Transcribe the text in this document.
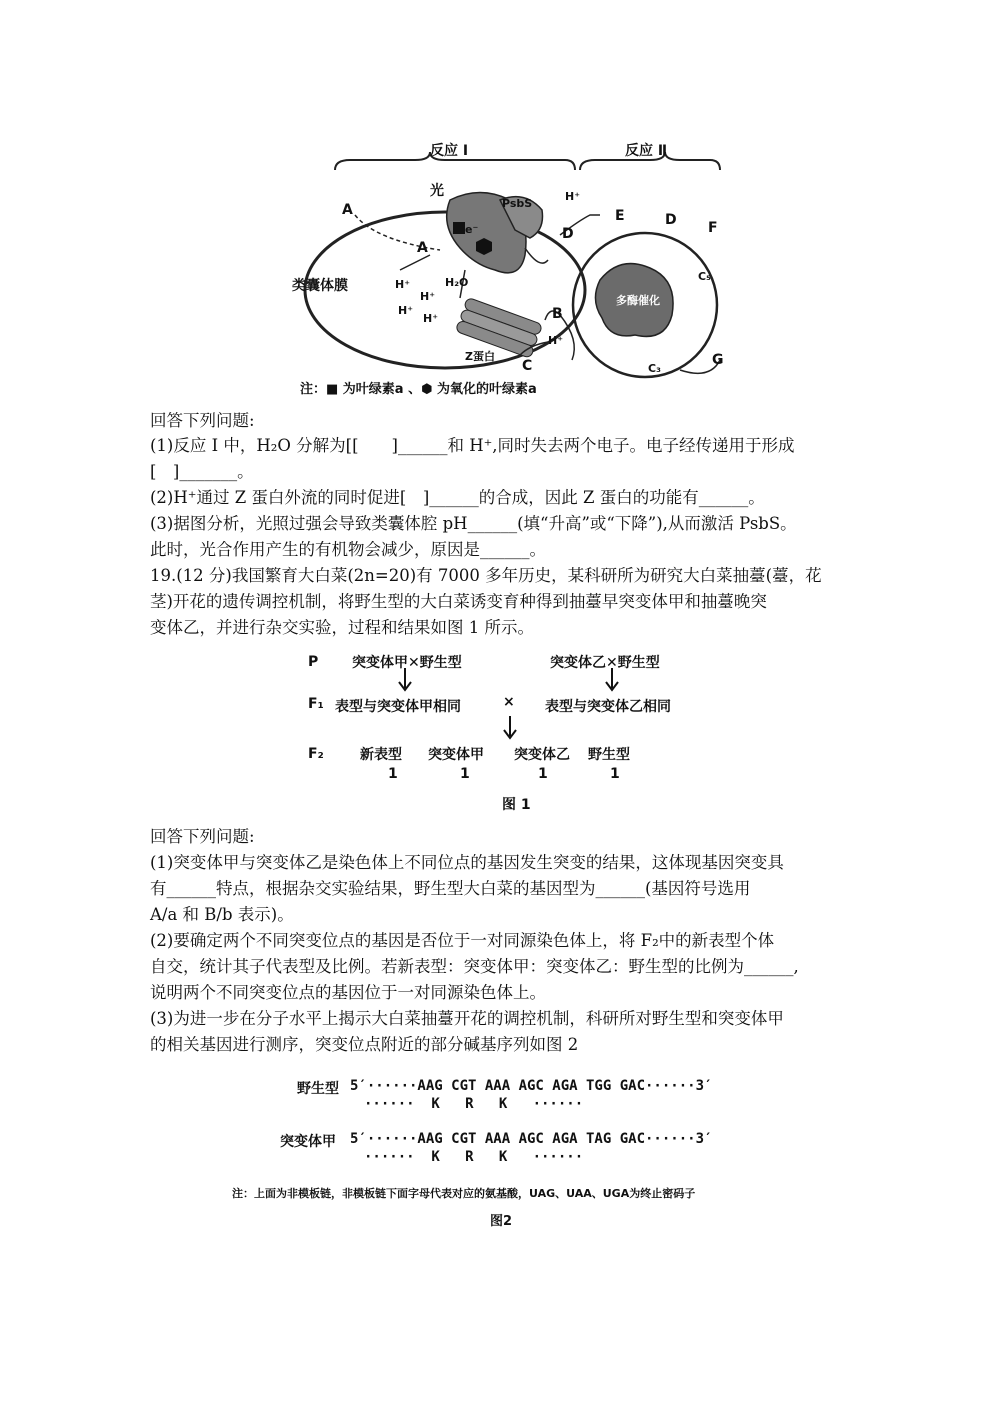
反应 I	反应 Ⅱ
光
PsbS
类囊体膜
多酶催化
Z蛋白
H₂O
e⁻
H⁺
H⁺
H⁺
H⁺
H⁺
H⁺
A
A
B
C
D
D
E
F
G
C₅
C₃
注：■ 为叶绿素a 、⬢ 为氧化的叶绿素a
回答下列问题:
(1)反应 I 中，H₂O 分解为[[　　]______和 H⁺,同时失去两个电子。电子经传递用于形成
[　]_______。
(2)H⁺通过 Z 蛋白外流的同时促进[　]______的合成，因此 Z 蛋白的功能有______。
(3)据图分析，光照过强会导致类囊体腔 pH______(填“升高”或“下降”),从而激活 PsbS。
此时，光合作用产生的有机物会减少，原因是______。
19.(12 分)我国繁育大白菜(2n=20)有 7000 多年历史，某科研所为研究大白菜抽薹(薹，花
茎)开花的遗传调控机制，将野生型的大白菜诱变育种得到抽薹早突变体甲和抽薹晚突
变体乙，并进行杂交实验，过程和结果如图 1 所示。
P
F₁
F₂
突变体甲✕野生型	突变体乙✕野生型
表型与突变体甲相同	× 表型与突变体乙相同
新表型 突变体甲 突变体乙 野生型
1	1	1	1
图 1
回答下列问题:
(1)突变体甲与突变体乙是染色体上不同位点的基因发生突变的结果，这体现基因突变具
有______特点，根据杂交实验结果，野生型大白菜的基因型为______(基因符号选用
A/a 和 B/b 表示)。
(2)要确定两个不同突变位点的基因是否位于一对同源染色体上，将 F₂中的新表型个体
自交，统计其子代表型及比例。若新表型：突变体甲：突变体乙：野生型的比例为______,
说明两个不同突变位点的基因位于一对同源染色体上。
(3)为进一步在分子水平上揭示大白菜抽薹开花的调控机制，科研所对野生型和突变体甲
的相关基因进行测序，突变位点附近的部分碱基序列如图 2
野生型 5′······AAG CGT AAA AGC AGA TGG GAC······3′
······  K   R   K   ······
突变体甲 5′······AAG CGT AAA AGC AGA TAG GAC······3′
······  K   R   K   ······
注：上面为非模板链，非模板链下面字母代表对应的氨基酸，UAG、UAA、UGA为终止密码子
图2
